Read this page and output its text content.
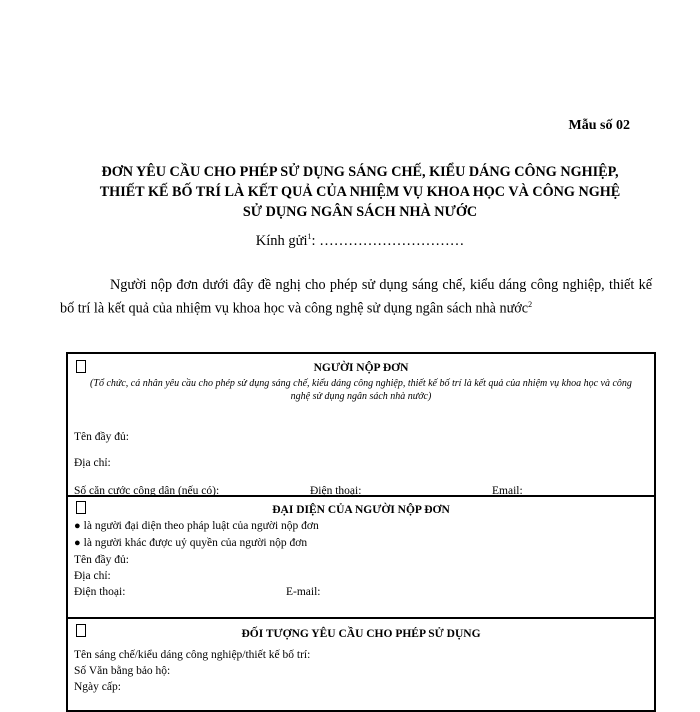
Mẫu số 02
ĐƠN YÊU CẦU CHO PHÉP SỬ DỤNG SÁNG CHẾ, KIỂU DÁNG CÔNG NGHIỆP,
THIẾT KẾ BỐ TRÍ LÀ KẾT QUẢ CỦA NHIỆM VỤ KHOA HỌC VÀ CÔNG NGHỆ
SỬ DỤNG NGÂN SÁCH NHÀ NƯỚC
Kính gửi$^1$: …………………………
Người nộp đơn dưới đây đề nghị cho phép sử dụng sáng chế, kiểu dáng công nghiệp, thiết kế bố trí là kết quả của nhiệm vụ khoa học và công nghệ sử dụng ngân sách nhà nước$^2$
NGƯỜI NỘP ĐƠN
(Tổ chức, cá nhân yêu cầu cho phép sử dụng sáng chế, kiểu dáng công nghiệp, thiết kế bố trí là kết quả của nhiệm vụ khoa học và công nghệ sử dụng ngân sách nhà nước)
Tên đầy đủ:
Địa chỉ:
Số căn cước công dân (nếu có):	Điện thoại:	Email:
ĐẠI DIỆN CỦA NGƯỜI NỘP ĐƠN
● là người đại diện theo pháp luật của người nộp đơn
● là người khác được uỷ quyền của người nộp đơn
Tên đầy đủ:
Địa chỉ:
Điện thoại:	E-mail:
ĐỐI TƯỢNG YÊU CẦU CHO PHÉP SỬ DỤNG
Tên sáng chế/kiểu dáng công nghiệp/thiết kế bố trí:
Số Văn bằng bảo hộ:
Ngày cấp:
